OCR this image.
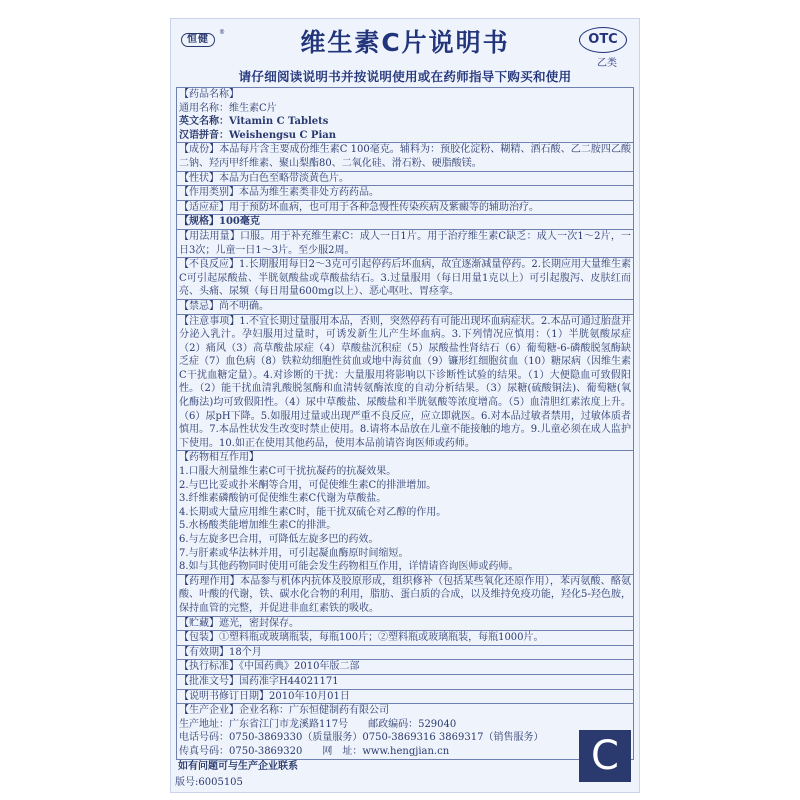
恒健
®	维生素C片说明书	OTC
乙类
请仔细阅读说明书并按说明使用或在药师指导下购买和使用
【药品名称】
通用名称：维生素C片
英文名称：Vitamin C Tablets
汉语拼音：Weishengsu C Pian
【成份】本品每片含主要成份维生素C 100毫克。辅料为：预胶化淀粉、糊精、酒石酸、乙二胺四乙酸二钠、羟丙甲纤维素、聚山梨酯80、二氧化硅、滑石粉、硬脂酸镁。
【性状】本品为白色至略带淡黄色片。
【作用类别】本品为维生素类非处方药药品。
【适应症】用于预防坏血病，也可用于各种急慢性传染疾病及紫癜等的辅助治疗。
【规格】100毫克
【用法用量】口服。用于补充维生素C：成人一日1片。用于治疗维生素C缺乏：成人一次1～2片，一日3次；儿童一日1～3片。至少服2周。
【不良反应】1.长期服用每日2～3克可引起停药后坏血病，故宜逐渐减量停药。2.长期应用大量维生素C可引起尿酸盐、半胱氨酸盐或草酸盐结石。3.过量服用（每日用量1克以上）可引起腹泻、皮肤红而亮、头痛、尿频（每日用量600mg以上）、恶心呕吐、胃痉挛。
【禁忌】尚不明确。
【注意事项】1.不宜长期过量服用本品，否则，突然停药有可能出现坏血病症状。2.本品可通过胎盘并分泌入乳汁。孕妇服用过量时，可诱发新生儿产生坏血病。3.下列情况应慎用：（1）半胱氨酸尿症（2）痛风（3）高草酸盐尿症（4）草酸盐沉积症（5）尿酸盐性肾结石（6）葡萄糖-6-磷酸脱氢酶缺乏症（7）血色病（8）铁粒幼细胞性贫血或地中海贫血（9）镰形红细胞贫血（10）糖尿病（因维生素C干扰血糖定量）。4.对诊断的干扰：大量服用将影响以下诊断性试验的结果。（1）大便隐血可致假阳性。（2）能干扰血清乳酸脱氢酶和血清转氨酶浓度的自动分析结果。（3）尿糖(硫酸铜法)、葡萄糖(氧化酶法)均可致假阳性。（4）尿中草酸盐、尿酸盐和半胱氨酸等浓度增高。（5）血清胆红素浓度上升。（6）尿pH下降。5.如服用过量或出现严重不良反应，应立即就医。6.对本品过敏者禁用，过敏体质者慎用。7.本品性状发生改变时禁止使用。8.请将本品放在儿童不能接触的地方。9.儿童必须在成人监护下使用。10.如正在使用其他药品，使用本品前请咨询医师或药师。
【药物相互作用】
1.口服大剂量维生素C可干扰抗凝药的抗凝效果。
2.与巴比妥或扑米酮等合用，可促使维生素C的排泄增加。
3.纤维素磷酸钠可促使维生素C代谢为草酸盐。
4.长期或大量应用维生素C时，能干扰双硫仑对乙醇的作用。
5.水杨酸类能增加维生素C的排泄。
6.与左旋多巴合用，可降低左旋多巴的药效。
7.与肝素或华法林并用，可引起凝血酶原时间缩短。
8.如与其他药物同时使用可能会发生药物相互作用，详情请咨询医师或药师。
【药理作用】本品参与机体内抗体及胶原形成，组织修补（包括某些氧化还原作用），苯丙氨酸、酪氨酸、叶酸的代谢，铁、碳水化合物的利用，脂肪、蛋白质的合成，以及维持免疫功能，羟化5-羟色胺，保持血管的完整，并促进非血红素铁的吸收。
【贮藏】遮光，密封保存。
【包装】①塑料瓶或玻璃瓶装，每瓶100片；②塑料瓶或玻璃瓶装，每瓶1000片。
【有效期】18个月
【执行标准】《中国药典》2010年版二部
【批准文号】国药准字H44021171
【说明书修订日期】2010年10月01日
【生产企业】企业名称：广东恒健制药有限公司
生产地址：广东省江门市龙溪路117号　　邮政编码：529040
电话号码：0750-3869330（质量服务）0750-3869316 3869317（销售服务）
传真号码：0750-3869320　　网　址：www.hengjian.cn
如有问题可与生产企业联系	C
版号:6005105
